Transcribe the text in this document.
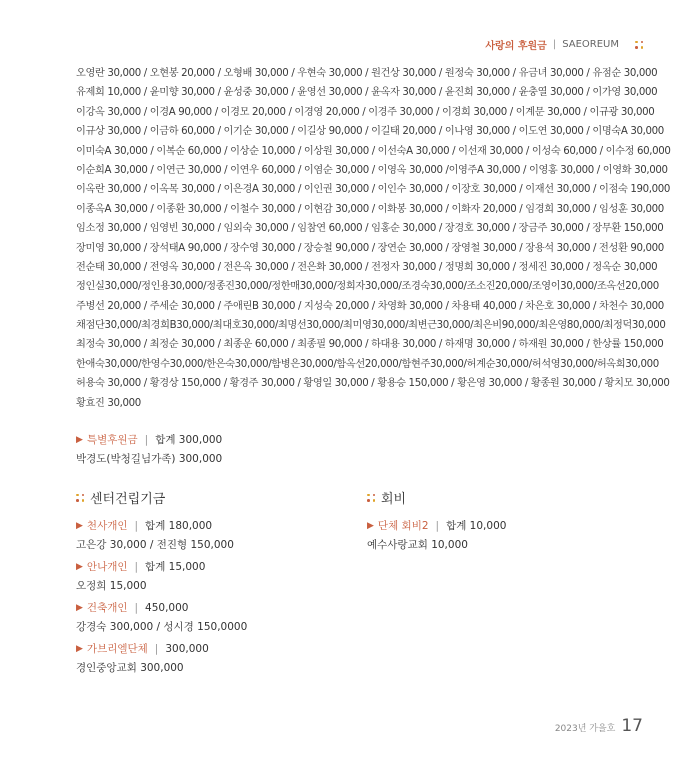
사랑의 후원금 | SAEOREUM
오영란 30,000 / 오현봉 20,000 / 오형배 30,000 / 우현숙 30,000 / 원건상 30,000 / 원정숙 30,000 / 유금녀 30,000 / 유점순 30,000
유제희 10,000 / 윤미향 30,000 / 윤성중 30,000 / 윤영선 30,000 / 윤옥자 30,000 / 윤진희 30,000 / 윤충열 30,000 / 이가영 30,000
이강옥 30,000 / 이경A 90,000 / 이경모 20,000 / 이경영 20,000 / 이경주 30,000 / 이경희 30,000 / 이계문 30,000 / 이규광 30,000
이규상 30,000 / 이금하 60,000 / 이기순 30,000 / 이길상 90,000 / 이길태 20,000 / 이나영 30,000 / 이도연 30,000 / 이명숙A 30,000
이미숙A 30,000 / 이복순 60,000 / 이상순 10,000 / 이상원 30,000 / 이선숙A 30,000 / 이선재 30,000 / 이성숙 60,000 / 이수정 60,000
이순희A 30,000 / 이연근 30,000 / 이연우 60,000 / 이염순 30,000 / 이영옥 30,000 /이영주A 30,000 / 이영홍 30,000 / 이영화 30,000
이옥란 30,000 / 이옥목 30,000 / 이은경A 30,000 / 이인권 30,000 / 이인수 30,000 / 이장호 30,000 / 이재선 30,000 / 이점숙 190,000
이종옥A 30,000 / 이종환 30,000 / 이철수 30,000 / 이현감 30,000 / 이화봉 30,000 / 이화자 20,000 / 임경희 30,000 / 임성훈 30,000
임소정 30,000 / 임영빈 30,000 / 임외숙 30,000 / 임참연 60,000 / 임홍순 30,000 / 장경호 30,000 / 장금주 30,000 / 장무환 150,000
장미영 30,000 / 장석태A 90,000 / 장수영 30,000 / 장승철 90,000 / 장연순 30,000 / 장영철 30,000 / 장용석 30,000 / 전성환 90,000
전순태 30,000 / 전영옥 30,000 / 전은옥 30,000 / 전은화 30,000 / 전정자 30,000 / 정명희 30,000 / 정세진 30,000 / 정옥순 30,000
정인실30,000/정인용30,000/정종진30,000/정한매30,000/정희자30,000/조경숙30,000/조소진20,000/조영이30,000/조옥선20,000
주병선 20,000 / 주세순 30,000 / 주애린B 30,000 / 지성숙 20,000 / 차영화 30,000 / 차용태 40,000 / 차은호 30,000 / 차천수 30,000
채점단30,000/최경희B30,000/최대호30,000/최명선30,000/최미영30,000/최변근30,000/최은비90,000/최은영80,000/최정덕30,000
최정숙 30,000 / 최정순 30,000 / 최종운 60,000 / 최종필 90,000 / 하대용 30,000 / 하재명 30,000 / 하재원 30,000 / 한상률 150,000
한애숙30,000/한영수30,000/한은숙30,000/함병은30,000/함옥선20,000/함현주30,000/허계순30,000/허석영30,000/허옥희30,000
허용숙 30,000 / 황경상 150,000 / 황경주 30,000 / 황영일 30,000 / 황용승 150,000 / 황은영 30,000 / 황종원 30,000 / 황치모 30,000
황효진 30,000
▶ 특별후원금 | 합계 300,000
박경도(박청길님가족) 300,000
센터건립기금	회비
▶ 천사개인 | 합계 180,000
고은강 30,000 / 전진형 150,000
▶ 안나개인 | 합계 15,000
오정희 15,000
▶ 건축개인 | 450,000
강경숙 300,000 / 성시경 150,0000
▶ 가브리엘단체 | 300,000
경인중앙교회 300,000
▶ 단체 회비2 | 합계 10,000
예수사랑교회 10,000
2023년 가을호 17
